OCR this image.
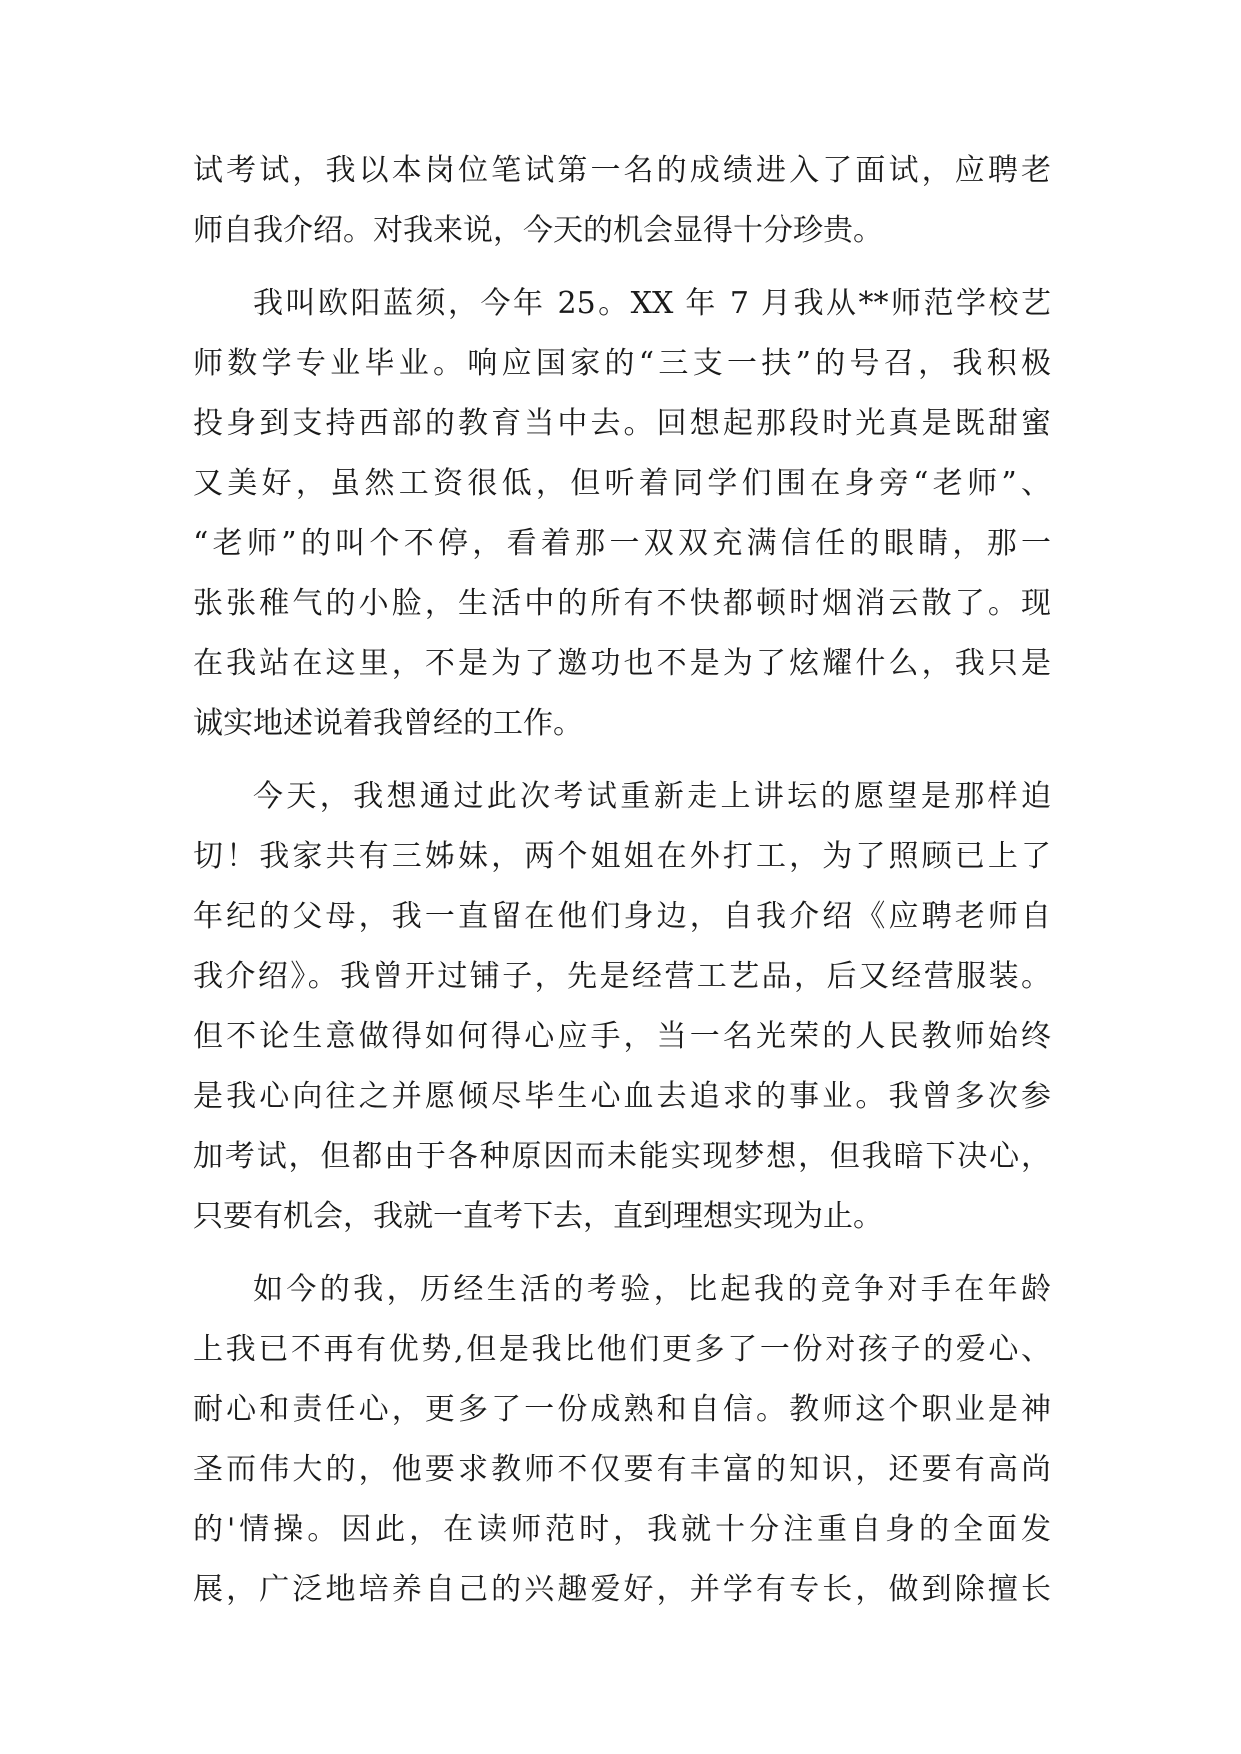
试考试，我以本岗位笔试第一名的成绩进入了面试，应聘老
师自我介绍。对我来说，今天的机会显得十分珍贵。
我叫欧阳蓝须，今年 25。XX 年 7 月我从**师范学校艺
师数学专业毕业。响应国家的“三支一扶”的号召，我积极
投身到支持西部的教育当中去。回想起那段时光真是既甜蜜
又美好，虽然工资很低，但听着同学们围在身旁“老师”、
“老师”的叫个不停，看着那一双双充满信任的眼睛，那一
张张稚气的小脸，生活中的所有不快都顿时烟消云散了。现
在我站在这里，不是为了邀功也不是为了炫耀什么，我只是
诚实地述说着我曾经的工作。
今天，我想通过此次考试重新走上讲坛的愿望是那样迫
切！我家共有三姊妹，两个姐姐在外打工，为了照顾已上了
年纪的父母，我一直留在他们身边，自我介绍《应聘老师自
我介绍》。我曾开过铺子，先是经营工艺品，后又经营服装。
但不论生意做得如何得心应手，当一名光荣的人民教师始终
是我心向往之并愿倾尽毕生心血去追求的事业。我曾多次参
加考试，但都由于各种原因而未能实现梦想，但我暗下决心，
只要有机会，我就一直考下去，直到理想实现为止。
如今的我，历经生活的考验，比起我的竞争对手在年龄
上我已不再有优势,但是我比他们更多了一份对孩子的爱心、
耐心和责任心，更多了一份成熟和自信。教师这个职业是神
圣而伟大的，他要求教师不仅要有丰富的知识，还要有高尚
的'情操。因此，在读师范时，我就十分注重自身的全面发
展，广泛地培养自己的兴趣爱好，并学有专长，做到除擅长
